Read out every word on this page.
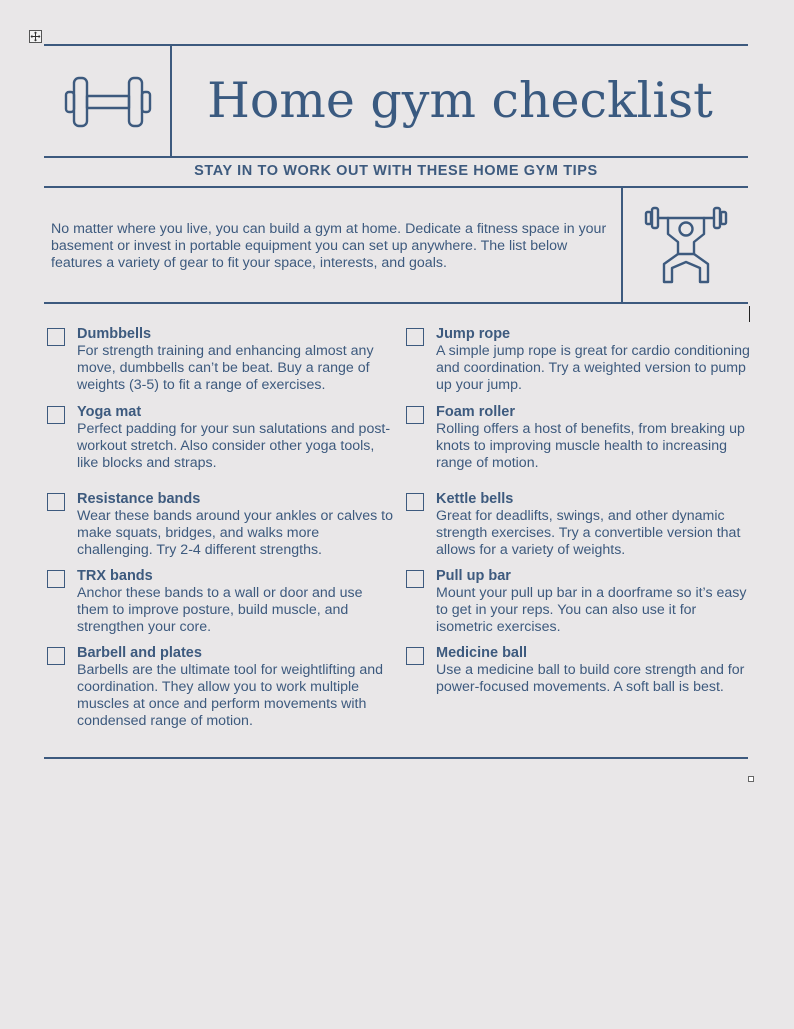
Home gym checklist
STAY IN TO WORK OUT WITH THESE HOME GYM TIPS
No matter where you live, you can build a gym at home. Dedicate a fitness space in your basement or invest in portable equipment you can set up anywhere. The list below features a variety of gear to fit your space, interests, and goals.
Dumbbells
For strength training and enhancing almost any move, dumbbells can’t be beat. Buy a range of weights (3-5) to fit a range of exercises.
Yoga mat
Perfect padding for your sun salutations and post-workout stretch. Also consider other yoga tools, like blocks and straps.
Resistance bands
Wear these bands around your ankles or calves to make squats, bridges, and walks more challenging. Try 2-4 different strengths.
TRX bands
Anchor these bands to a wall or door and use them to improve posture, build muscle, and strengthen your core.
Barbell and plates
Barbells are the ultimate tool for weightlifting and coordination. They allow you to work multiple muscles at once and perform movements with condensed range of motion.
Jump rope
A simple jump rope is great for cardio conditioning and coordination. Try a weighted version to pump up your jump.
Foam roller
Rolling offers a host of benefits, from breaking up knots to improving muscle health to increasing range of motion.
Kettle bells
Great for deadlifts, swings, and other dynamic strength exercises. Try a convertible version that allows for a variety of weights.
Pull up bar
Mount your pull up bar in a doorframe so it’s easy to get in your reps. You can also use it for isometric exercises.
Medicine ball
Use a medicine ball to build core strength and for power-focused movements. A soft ball is best.
